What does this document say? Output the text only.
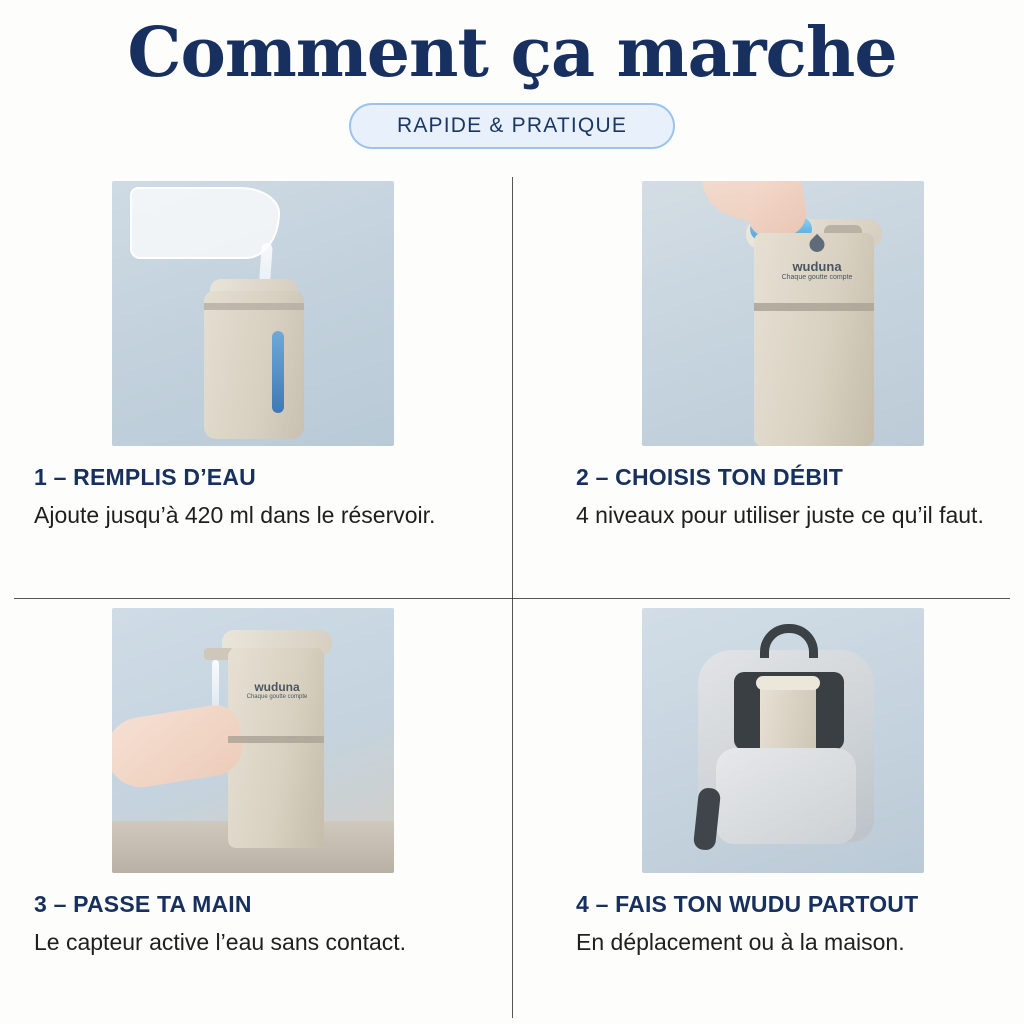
Comment ça marche
RAPIDE & PRATIQUE
1 – REMPLIS D’EAU
Ajoute jusqu’à 420 ml dans le réservoir.
wuduna
Chaque goutte compte
2 – CHOISIS TON DÉBIT
4 niveaux pour utiliser juste ce qu’il faut.
wuduna
Chaque goutte compte
3 – PASSE TA MAIN
Le capteur active l’eau sans contact.
4 – FAIS TON WUDU PARTOUT
En déplacement ou à la maison.
